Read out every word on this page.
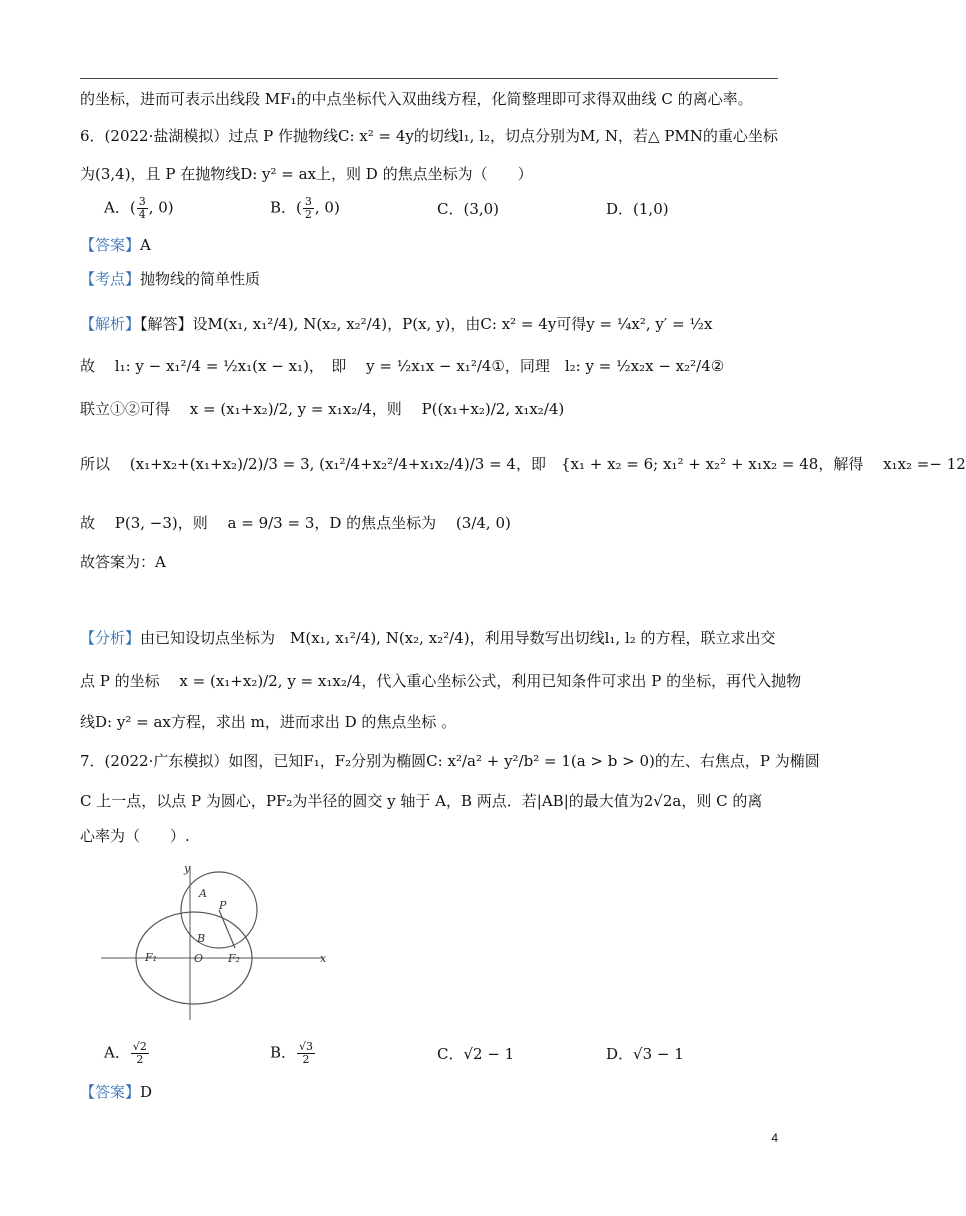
的坐标，进而可表示出线段 MF₁的中点坐标代入双曲线方程，化简整理即可求得双曲线 C 的离心率。
6．(2022·盐湖模拟）过点 P 作抛物线C: x² = 4y的切线l₁, l₂，切点分别为M, N，若△ PMN的重心坐标
为(3,4)，且 P 在抛物线D: y² = ax上，则 D 的焦点坐标为（　　）
A．( $\frac{3}{4}$ , 0)	B．( $\frac{3}{2}$ , 0)	C．(3,0)	D．(1,0)
【答案】A
【考点】抛物线的简单性质
【解析】【解答】设M(x₁, x₁²/4), N(x₂, x₂²/4)，P(x, y)，由C: x² = 4y可得y = ¼x², y′ = ½x
故　 l₁: y − x₁²/4 = ½x₁(x − x₁)，　即　 y = ½x₁x − x₁²/4①，同理　l₂: y = ½x₂x − x₂²/4②
联立①②可得　 x = (x₁+x₂)/2, y = x₁x₂/4，则　 P((x₁+x₂)/2, x₁x₂/4)
所以　 (x₁+x₂+(x₁+x₂)/2)/3 = 3, (x₁²/4+x₂²/4+x₁x₂/4)/3 = 4，即　{x₁ + x₂ = 6; x₁² + x₂² + x₁x₂ = 48，解得　 x₁x₂ =− 12
故　 P(3, −3)，则　 a = 9/3 = 3，D 的焦点坐标为　 (3/4, 0)
故答案为：A
【分析】由已知设切点坐标为　M(x₁, x₁²/4), N(x₂, x₂²/4)，利用导数写出切线l₁, l₂ 的方程，联立求出交
点 P 的坐标　 x = (x₁+x₂)/2, y = x₁x₂/4，代入重心坐标公式，利用已知条件可求出 P 的坐标，再代入抛物
线D: y² = ax方程，求出 m，进而求出 D 的焦点坐标 。
7．(2022·广东模拟）如图，已知F₁，F₂分别为椭圆C: x²/a² + y²/b² = 1(a > b > 0)的左、右焦点，P 为椭圆
C 上一点，以点 P 为圆心，PF₂为半径的圆交 y 轴于 A，B 两点．若|AB|的最大值为2√2a，则 C 的离
心率为（　　）.
y
A
P
B
F₁	O F₂	x
A． $\frac{√2}{2}$	B． $\frac{√3}{2}$	C．√2 − 1	D．√3 − 1
【答案】D
4
